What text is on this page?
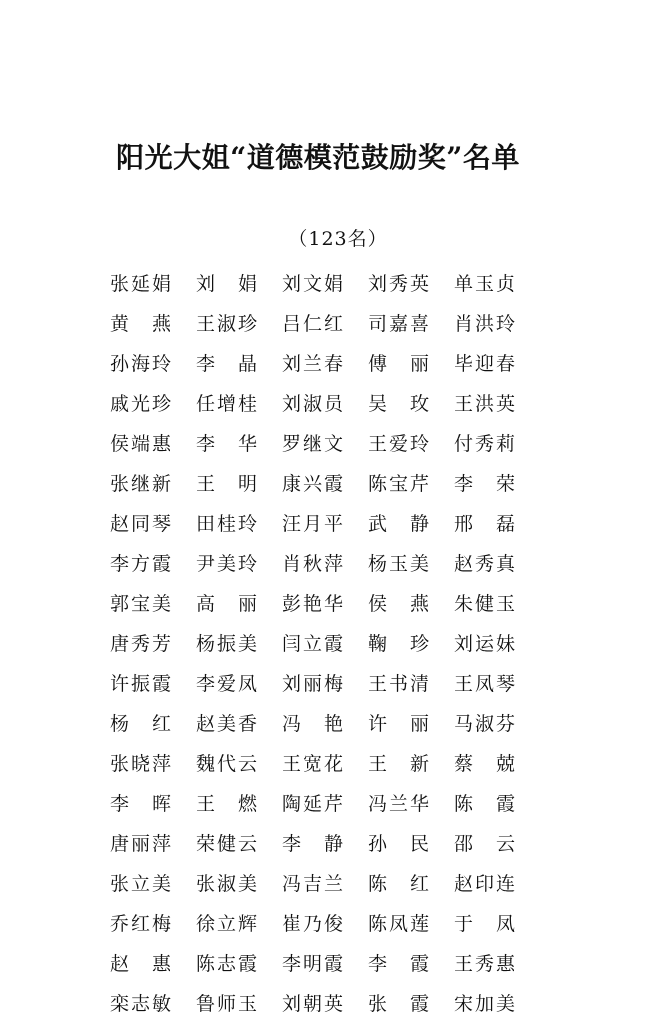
阳光大姐“道德模范鼓励奖”名单
（123名）
张延娟	刘　娟	刘文娟	刘秀英	单玉贞
黄　燕	王淑珍	吕仁红	司嘉喜	肖洪玲
孙海玲	李　晶	刘兰春	傅　丽	毕迎春
戚光珍	任增桂	刘淑员	吴　玫	王洪英
侯端惠	李　华	罗继文	王爱玲	付秀莉
张继新	王　明	康兴霞	陈宝芹	李　荣
赵同琴	田桂玲	汪月平	武　静	邢　磊
李方霞	尹美玲	肖秋萍	杨玉美	赵秀真
郭宝美	高　丽	彭艳华	侯　燕	朱健玉
唐秀芳	杨振美	闫立霞	鞠　珍	刘运妹
许振霞	李爱凤	刘丽梅	王书清	王凤琴
杨　红	赵美香	冯　艳	许　丽	马淑芬
张晓萍	魏代云	王宽花	王　新	蔡　兢
李　晖	王　燃	陶延芹	冯兰华	陈　霞
唐丽萍	荣健云	李　静	孙　民	邵　云
张立美	张淑美	冯吉兰	陈　红	赵印连
乔红梅	徐立辉	崔乃俊	陈凤莲	于　凤
赵　惠	陈志霞	李明霞	李　霞	王秀惠
栾志敏	鲁师玉	刘朝英	张　霞	宋加美
